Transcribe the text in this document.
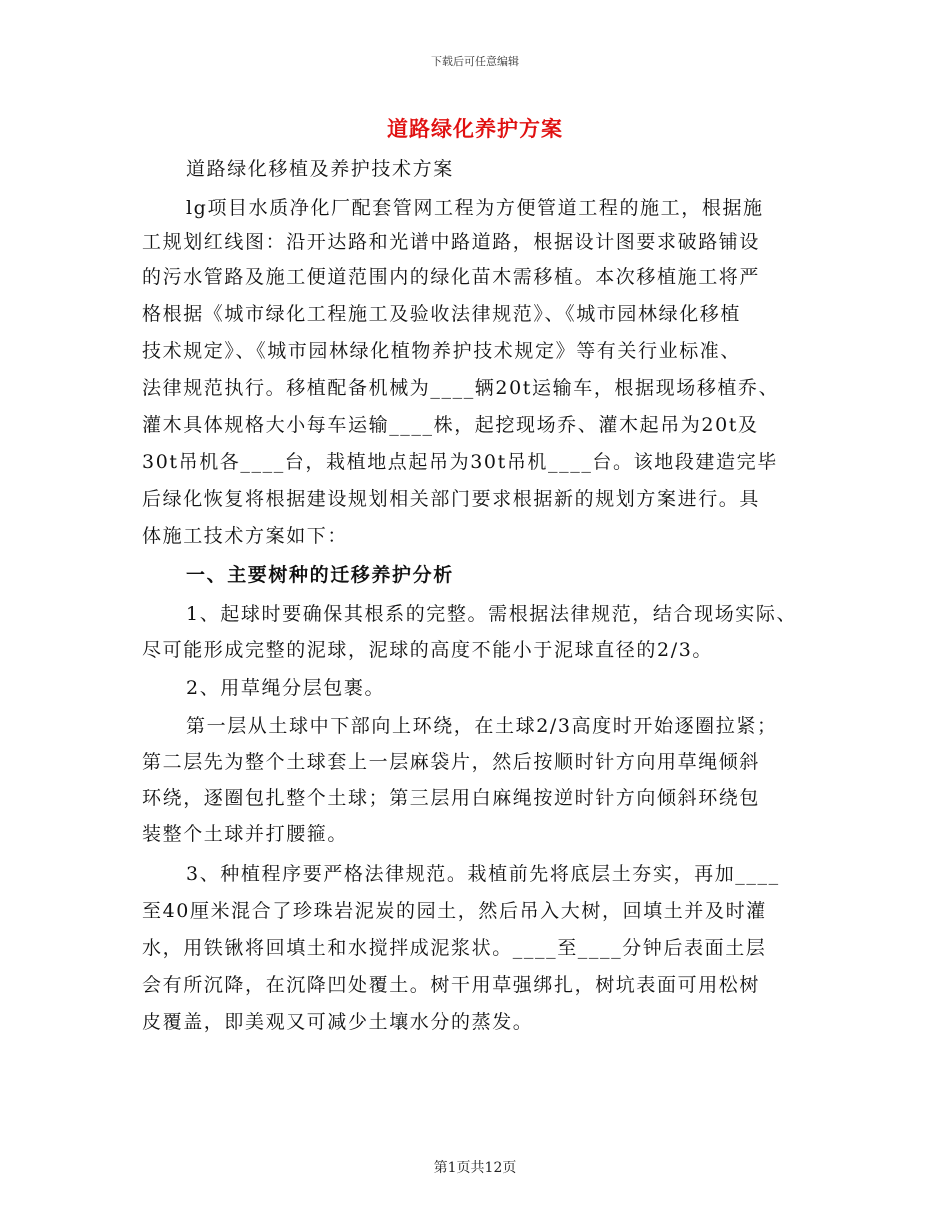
下载后可任意编辑
道路绿化养护方案
道路绿化移植及养护技术方案
lg项目水质净化厂配套管网工程为方便管道工程的施工，根据施
工规划红线图：沿开达路和光谱中路道路，根据设计图要求破路铺设
的污水管路及施工便道范围内的绿化苗木需移植。本次移植施工将严
格根据《城市绿化工程施工及验收法律规范》、《城市园林绿化移植
技术规定》、《城市园林绿化植物养护技术规定》等有关行业标准、
法律规范执行。移植配备机械为____辆20t运输车，根据现场移植乔、
灌木具体规格大小每车运输____株，起挖现场乔、灌木起吊为20t及
30t吊机各____台，栽植地点起吊为30t吊机____台。该地段建造完毕
后绿化恢复将根据建设规划相关部门要求根据新的规划方案进行。具
体施工技术方案如下：
一、主要树种的迁移养护分析
1、起球时要确保其根系的完整。需根据法律规范，结合现场实际、
尽可能形成完整的泥球，泥球的高度不能小于泥球直径的2/3。
2、用草绳分层包裹。
第一层从土球中下部向上环绕，在土球2/3高度时开始逐圈拉紧；
第二层先为整个土球套上一层麻袋片，然后按顺时针方向用草绳倾斜
环绕，逐圈包扎整个土球；第三层用白麻绳按逆时针方向倾斜环绕包
装整个土球并打腰箍。
3、种植程序要严格法律规范。栽植前先将底层土夯实，再加____
至40厘米混合了珍珠岩泥炭的园土，然后吊入大树，回填土并及时灌
水，用铁锹将回填土和水搅拌成泥浆状。____至____分钟后表面土层
会有所沉降，在沉降凹处覆土。树干用草强绑扎，树坑表面可用松树
皮覆盖，即美观又可减少土壤水分的蒸发。
第1页共12页
